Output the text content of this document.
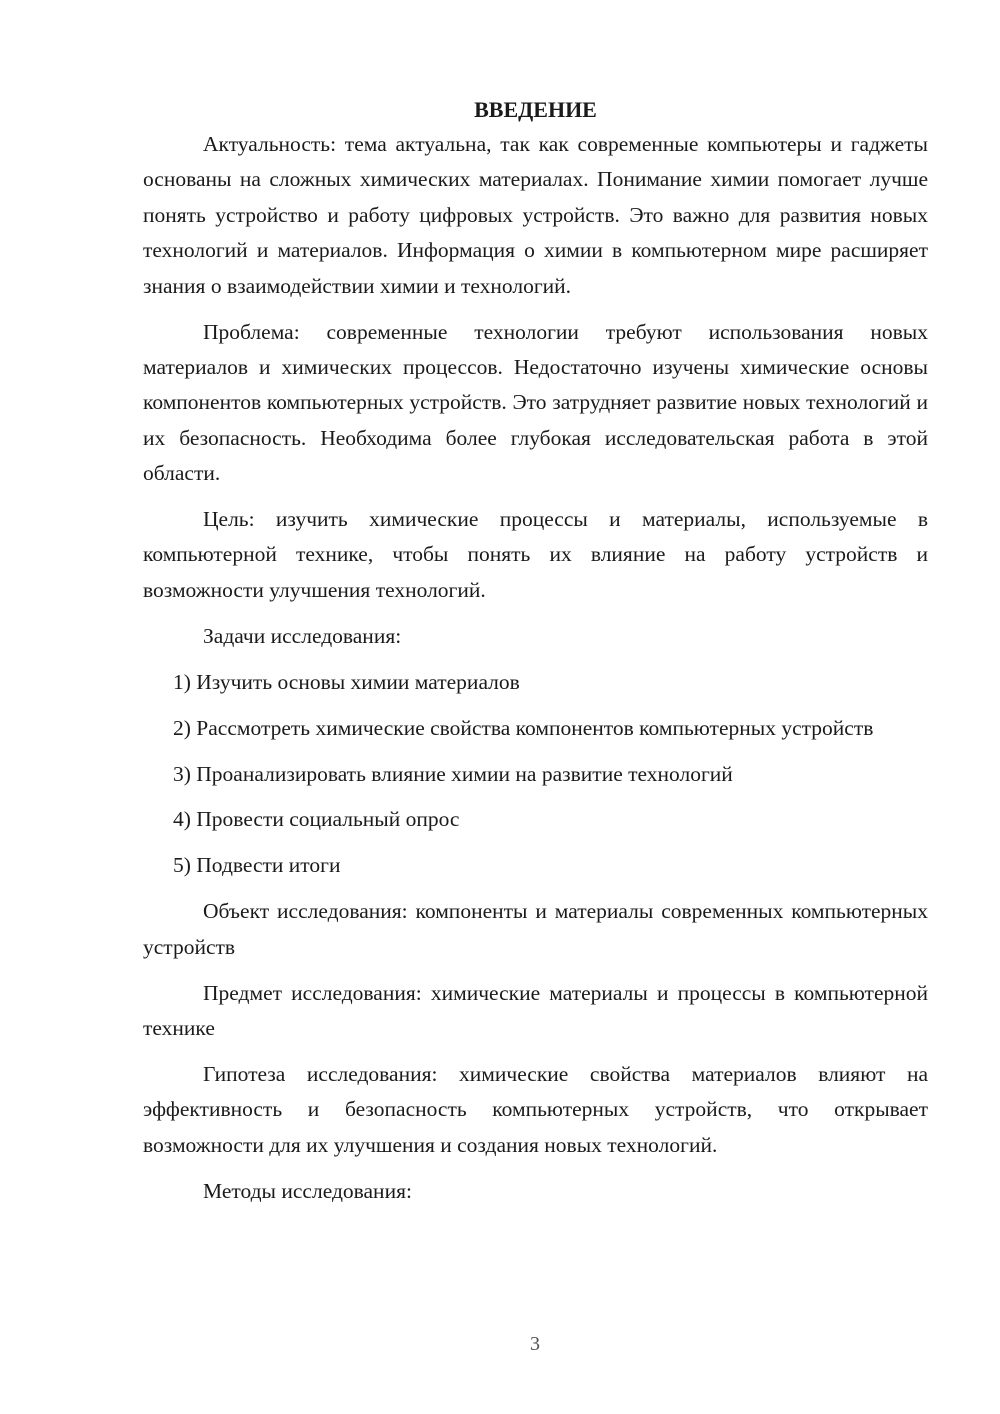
ВВЕДЕНИЕ

Актуальность: тема актуальна, так как современные компьютеры и гаджеты основаны на сложных химических материалах. Понимание химии помогает лучше понять устройство и работу цифровых устройств. Это важно для развития новых технологий и материалов. Информация о химии в компьютерном мире расширяет знания о взаимодействии химии и технологий.

Проблема: современные технологии требуют использования новых материалов и химических процессов. Недостаточно изучены химические основы компонентов компьютерных устройств. Это затрудняет развитие новых технологий и их безопасность. Необходима более глубокая исследовательская работа в этой области.

Цель: изучить химические процессы и материалы, используемые в компьютерной технике, чтобы понять их влияние на работу устройств и возможности улучшения технологий.

Задачи исследования:

1) Изучить основы химии материалов

2) Рассмотреть химические свойства компонентов компьютерных устройств

3) Проанализировать влияние химии на развитие технологий

4) Провести социальный опрос

5) Подвести итоги

Объект исследования: компоненты и материалы современных компьютерных устройств

Предмет исследования: химические материалы и процессы в компьютерной технике

Гипотеза исследования: химические свойства материалов влияют на эффективность и безопасность компьютерных устройств, что открывает возможности для их улучшения и создания новых технологий.

Методы исследования:

3
